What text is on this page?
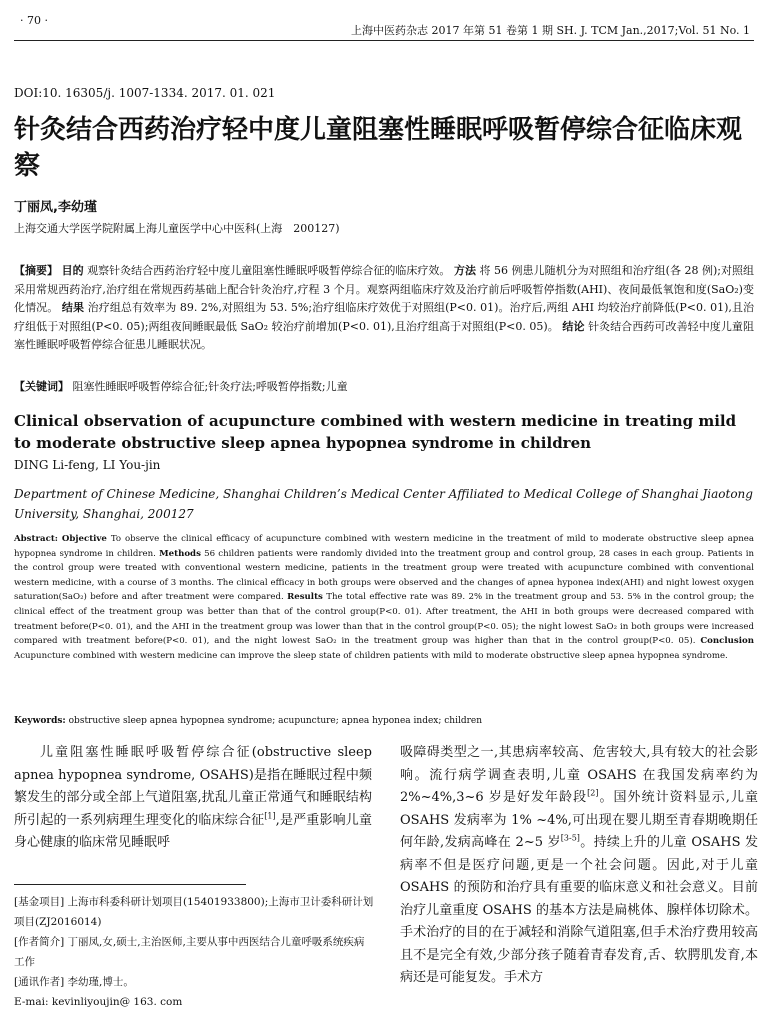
· 70 ·
上海中医药杂志 2017 年第 51 卷第 1 期 SH. J. TCM Jan.,2017;Vol. 51 No. 1
DOI:10. 16305/j. 1007-1334. 2017. 01. 021
针灸结合西药治疗轻中度儿童阻塞性睡眠呼吸暂停综合征临床观察
丁丽凤,李幼瑾
上海交通大学医学院附属上海儿童医学中心中医科(上海　200127)
【摘要】 目的 观察针灸结合西药治疗轻中度儿童阻塞性睡眠呼吸暂停综合征的临床疗效。 方法 将 56 例患儿随机分为对照组和治疗组(各 28 例);对照组采用常规西药治疗,治疗组在常规西药基础上配合针灸治疗,疗程 3 个月。观察两组临床疗效及治疗前后呼吸暂停指数(AHI)、夜间最低氧饱和度(SaO₂)变化情况。 结果 治疗组总有效率为 89. 2%,对照组为 53. 5%;治疗组临床疗效优于对照组(P<0. 01)。治疗后,两组 AHI 均较治疗前降低(P<0. 01),且治疗组低于对照组(P<0. 05);两组夜间睡眠最低 SaO₂ 较治疗前增加(P<0. 01),且治疗组高于对照组(P<0. 05)。 结论 针灸结合西药可改善轻中度儿童阻塞性睡眠呼吸暂停综合征患儿睡眠状况。
【关键词】 阻塞性睡眠呼吸暂停综合征;针灸疗法;呼吸暂停指数;儿童
Clinical observation of acupuncture combined with western medicine in treating mild to moderate obstructive sleep apnea hypopnea syndrome in children
DING Li-feng, LI You-jin
Department of Chinese Medicine, Shanghai Children’s Medical Center Affiliated to Medical College of Shanghai Jiaotong University, Shanghai, 200127
Abstract: Objective To observe the clinical efficacy of acupuncture combined with western medicine in the treatment of mild to moderate obstructive sleep apnea hypopnea syndrome in children. Methods 56 children patients were randomly divided into the treatment group and control group, 28 cases in each group. Patients in the control group were treated with conventional western medicine, patients in the treatment group were treated with acupuncture combined with conventional western medicine, with a course of 3 months. The clinical efficacy in both groups were observed and the changes of apnea hyponea index(AHI) and night lowest oxygen saturation(SaO₂) before and after treatment were compared. Results The total effective rate was 89. 2% in the treatment group and 53. 5% in the control group; the clinical effect of the treatment group was better than that of the control group(P<0. 01). After treatment, the AHI in both groups were decreased compared with treatment before(P<0. 01), and the AHI in the treatment group was lower than that in the control group(P<0. 05); the night lowest SaO₂ in both groups were increased compared with treatment before(P<0. 01), and the night lowest SaO₂ in the treatment group was higher than that in the control group(P<0. 05). Conclusion Acupuncture combined with western medicine can improve the sleep state of children patients with mild to moderate obstructive sleep apnea hypopnea syndrome.
Keywords: obstructive sleep apnea hypopnea syndrome; acupuncture; apnea hyponea index; children
儿童阻塞性睡眠呼吸暂停综合征(obstructive sleep apnea hypopnea syndrome, OSAHS)是指在睡眠过程中频繁发生的部分或全部上气道阻塞,扰乱儿童正常通气和睡眠结构所引起的一系列病理生理变化的临床综合征[1],是严重影响儿童身心健康的临床常见睡眠呼
吸障碍类型之一,其患病率较高、危害较大,具有较大的社会影响。流行病学调查表明,儿童 OSAHS 在我国发病率约为 2%~4%,3~6 岁是好发年龄段[2]。国外统计资料显示,儿童 OSAHS 发病率为 1% ~4%,可出现在婴儿期至青春期晚期任何年龄,发病高峰在 2~5 岁[3-5]。持续上升的儿童 OSAHS 发病率不但是医疗问题,更是一个社会问题。因此,对于儿童 OSAHS 的预防和治疗具有重要的临床意义和社会意义。目前治疗儿童重度 OSAHS 的基本方法是扁桃体、腺样体切除术。手术治疗的目的在于减轻和消除气道阻塞,但手术治疗费用较高且不是完全有效,少部分孩子随着青春发育,舌、软腭肌发育,本病还是可能复发。手术方
[基金项目] 上海市科委科研计划项目(15401933800);上海市卫计委科研计划项目(ZJ2016014)
[作者简介] 丁丽凤,女,硕士,主治医师,主要从事中西医结合儿童呼吸系统疾病工作
[通讯作者] 李幼瑾,博士。
E-mai: kevinliyoujin@ 163. com
